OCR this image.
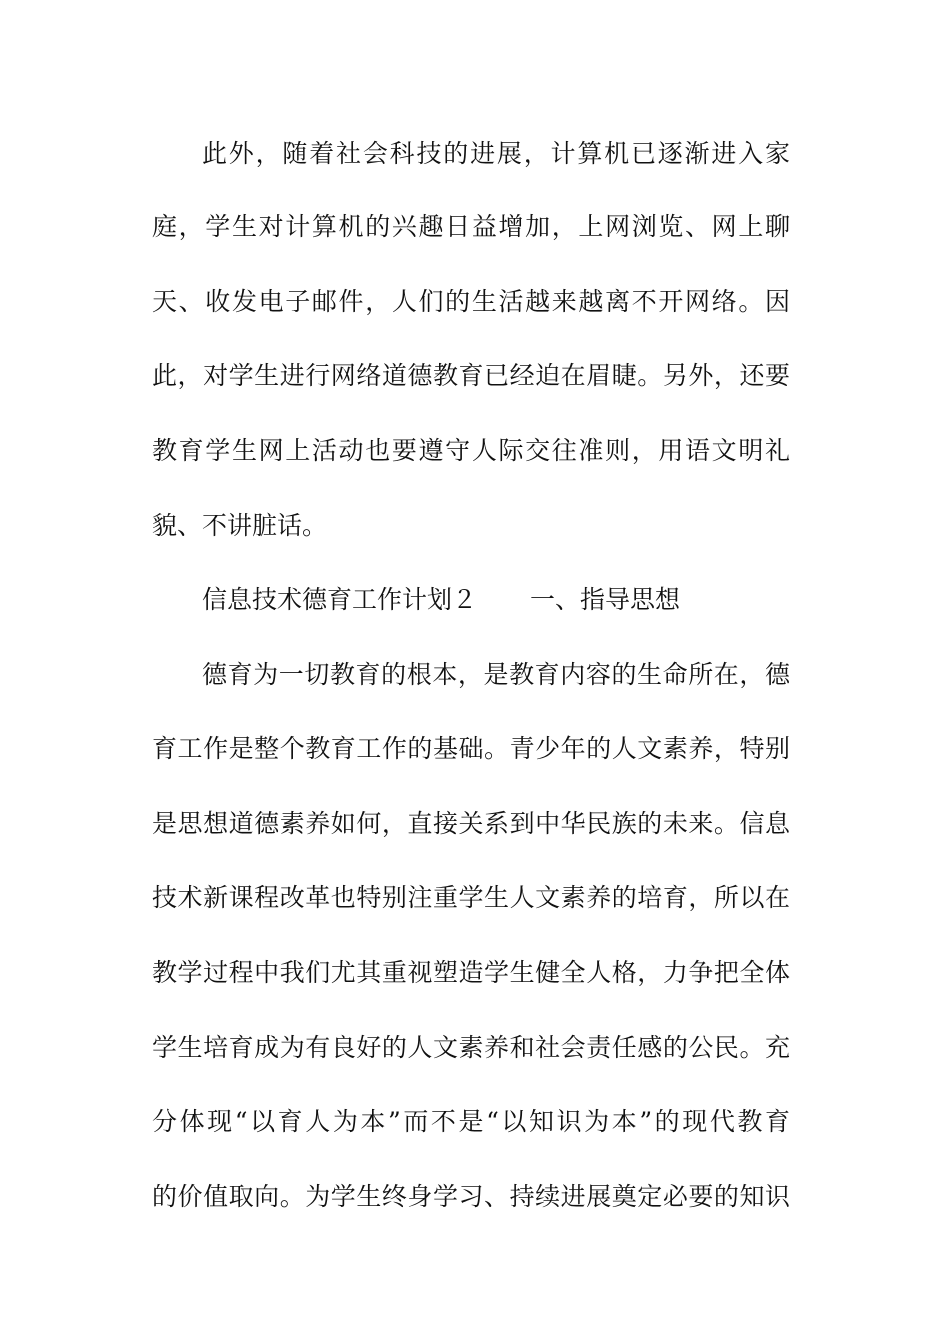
此外，随着社会科技的进展，计算机已逐渐进入家
庭，学生对计算机的兴趣日益增加，上网浏览、网上聊
天、收发电子邮件，人们的生活越来越离不开网络。因
此，对学生进行网络道德教育已经迫在眉睫。另外，还要
教育学生网上活动也要遵守人际交往准则，用语文明礼
貌、不讲脏话。
信息技术德育工作计划２ 一、指导思想
德育为一切教育的根本，是教育内容的生命所在，德
育工作是整个教育工作的基础。青少年的人文素养，特别
是思想道德素养如何，直接关系到中华民族的未来。信息
技术新课程改革也特别注重学生人文素养的培育，所以在
教学过程中我们尤其重视塑造学生健全人格，力争把全体
学生培育成为有良好的人文素养和社会责任感的公民。充
分体现“以育人为本”而不是“以知识为本”的现代教育
的价值取向。为学生终身学习、持续进展奠定必要的知识
